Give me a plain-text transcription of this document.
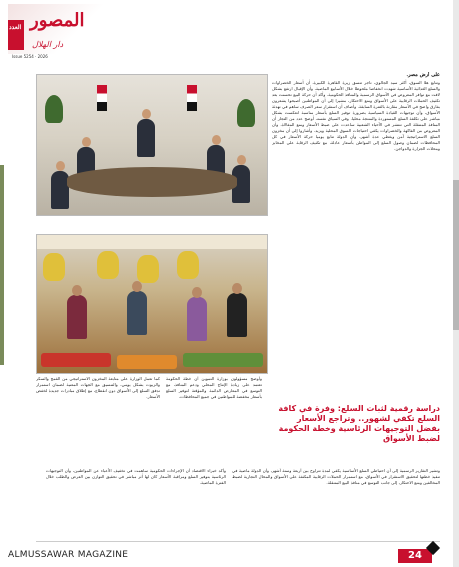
العدد المصور
دار الهلال
Issue 5254 · 2026
على أرض مصر.
وتتابع هلا السوق، أكثر سيد الجالوي، تاجر تتسق زيرة القاهرة الكبيرة، أن أسعار الخضراوات والسلع الغذائية الأساسية شهدت انخفاضا ملحوظا خلال الأسابيع الماضية، وأن الإقبال ارتفع بشكل لافت مع توافر المعروض في الأسواق الرسمية والمنافذ الحكومية. وأكد أن حركة البيع تحسنت بعد تكثيف الحملات الرقابية على الأسواق ومنع الاحتكار، مشيرا إلى أن المواطنين أصبحوا يشعرون بفارق واضح في الأسعار مقارنة بالفترة السابقة. وأضاف أن استقرار سعر الصرف ساهم في تهدئة الأسواق، وأن توجيهات القيادة السياسية بضرورة توفير السلع بأسعار مناسبة انعكست بشكل مباشر على تكلفة السلع المستوردة والمنتجة محليا. وفي السياق نفسه، أوضح عدد من التجار أن المنافذ المتنقلة التي تنتشر في الأحياء الشعبية ساعدت على ضبط الأسعار ومنع المغالاة، وأن المعروض من الفاكهة والخضراوات يكفي احتياجات السوق المحلية ويزيد. وأشاروا إلى أن مخزون السلع الاستراتيجية آمن ويغطي عدة أشهر، وأن الدولة تتابع يوميا حركة الأسعار في كل المحافظات لضمان وصول السلع إلى المواطن بأسعار عادلة، مع تكثيف الرقابة على المخابز ومحلات الجزارة والدواجن.
دراسة رقمية لثبات السلع: وفرة في كافة السلع تكفي لشهور.. وتراجع الأسعار بفضل التوجيهات الرئاسية وخطة الحكومة لضبط الأسواق
وأوضح مسؤولون بوزارة التموين أن خطة الحكومة تعتمد على زيادة الإنتاج المحلي ودعم المنافذ، مع التوسع في المعارض الدائمة والمؤقتة لتوفير السلع بأسعار مخفضة للمواطنين في جميع المحافظات.
كما تعمل الوزارة على متابعة المخزون الاستراتيجي من القمح والسكر والزيوت بشكل يومي، والتنسيق مع الجهات المعنية لضمان استمرار تدفق السلع إلى الأسواق دون انقطاع، مع إطلاق مبادرات جديدة لخفض الأسعار.
وتشير التقارير الرسمية إلى أن احتياطي السلع الأساسية يكفي لمدة تتراوح بين أربعة وستة أشهر، وأن الدولة ماضية في تنفيذ خطتها لتحقيق الاستقرار في الأسواق، مع استمرار الحملات الرقابية المكثفة على الأسواق والمحال التجارية لضبط المخالفين ومنع الاحتكار، إلى جانب التوسع في منافذ البيع المتنقلة.
وأكد خبراء الاقتصاد أن الإجراءات الحكومية ساهمت في تخفيف الأعباء عن المواطنين، وأن التوجيهات الرئاسية بتوفير السلع ومراقبة الأسعار كان لها أثر مباشر في تحقيق التوازن بين العرض والطلب خلال الفترة الماضية.
ALMUSSAWAR MAGAZINE	24
